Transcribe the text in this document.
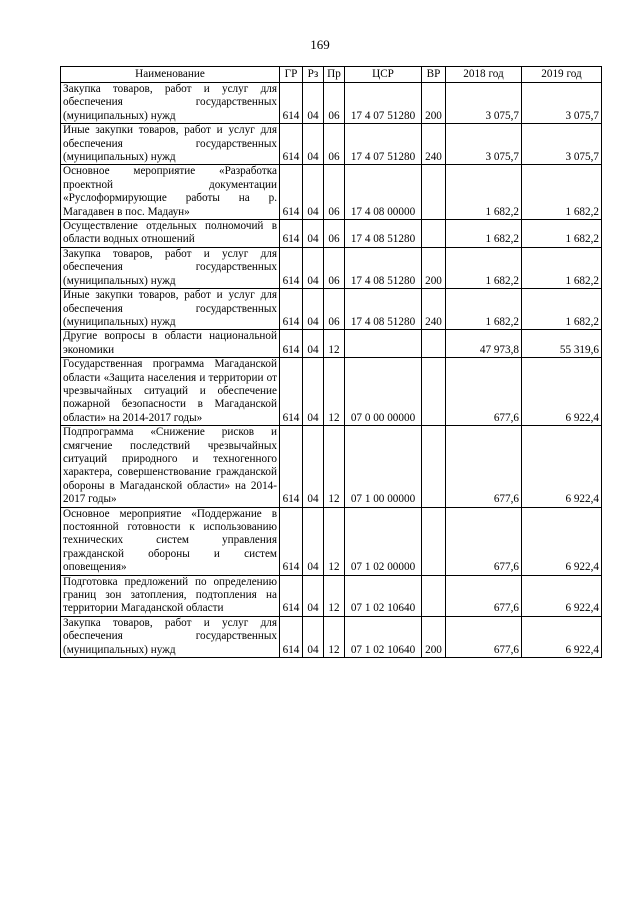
169
Наименование	ГР	Рз	Пр	ЦСР	ВР	2018 год	2019 год
Закупка товаров, работ и услуг для обеспечения государственных (муниципальных) нужд	614	04	06	17 4 07 51280	200	3 075,7	3 075,7
Иные закупки товаров, работ и услуг для обеспечения государственных (муниципальных) нужд	614	04	06	17 4 07 51280	240	3 075,7	3 075,7
Основное мероприятие «Разработка проектной документации «Руслоформирующие работы на р. Магадавен в пос. Мадаун»	614	04	06	17 4 08 00000		1 682,2	1 682,2
Осуществление отдельных полномочий в области водных отношений	614	04	06	17 4 08 51280		1 682,2	1 682,2
Закупка товаров, работ и услуг для обеспечения государственных (муниципальных) нужд	614	04	06	17 4 08 51280	200	1 682,2	1 682,2
Иные закупки товаров, работ и услуг для обеспечения государственных (муниципальных) нужд	614	04	06	17 4 08 51280	240	1 682,2	1 682,2
Другие вопросы в области национальной экономики	614	04	12			47 973,8	55 319,6
Государственная программа Магаданской области «Защита населения и территории от чрезвычайных ситуаций и обеспечение пожарной безопасности в Магаданской области» на 2014-2017 годы»	614	04	12	07 0 00 00000		677,6	6 922,4
Подпрограмма «Снижение рисков и смягчение последствий чрезвычайных ситуаций природного и техногенного характера, совершенствование гражданской обороны в Магаданской области» на 2014-2017 годы»	614	04	12	07 1 00 00000		677,6	6 922,4
Основное мероприятие «Поддержание в постоянной готовности к использованию технических систем управления гражданской обороны и систем оповещения»	614	04	12	07 1 02 00000		677,6	6 922,4
Подготовка предложений по определению границ зон затопления, подтопления на территории Магаданской области	614	04	12	07 1 02 10640		677,6	6 922,4
Закупка товаров, работ и услуг для обеспечения государственных (муниципальных) нужд	614	04	12	07 1 02 10640	200	677,6	6 922,4
